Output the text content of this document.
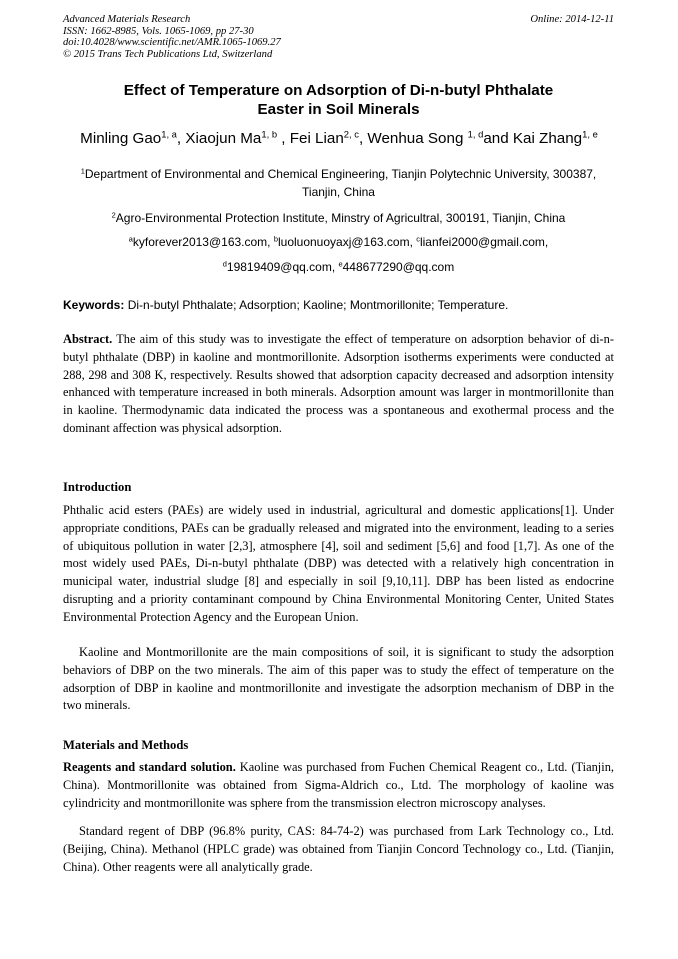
Advanced Materials Research
ISSN: 1662-8985, Vols. 1065-1069, pp 27-30
doi:10.4028/www.scientific.net/AMR.1065-1069.27
© 2015 Trans Tech Publications Ltd, Switzerland
Online: 2014-12-11
Effect of Temperature on Adsorption of Di-n-butyl Phthalate
Easter in Soil Minerals
Minling Gao$^{1, a}$, Xiaojun Ma$^{1, b}$ , Fei Lian$^{2, c}$, Wenhua Song $^{1, d}$and Kai Zhang$^{1, e}$
$^1$Department of Environmental and Chemical Engineering, Tianjin Polytechnic University, 300387,
Tianjin, China
$^2$Agro-Environmental Protection Institute, Minstry of Agricultral, 300191, Tianjin, China
$^a$kyforever2013@163.com, $^b$luoluonuoyaxj@163.com, $^c$lianfei2000@gmail.com,
$^d$19819409@qq.com, $^e$448677290@qq.com
Keywords: Di-n-butyl Phthalate; Adsorption; Kaoline; Montmorillonite; Temperature.

Abstract. The aim of this study was to investigate the effect of temperature on adsorption behavior of di-n-butyl phthalate (DBP) in kaoline and montmorillonite. Adsorption isotherms experiments were conducted at 288, 298 and 308 K, respectively. Results showed that adsorption capacity decreased and adsorption intensity enhanced with temperature increased in both minerals. Adsorption amount was larger in montmorillonite than in kaoline. Thermodynamic data indicated the process was a spontaneous and exothermal process and the dominant affection was physical adsorption.

Introduction

Phthalic acid esters (PAEs) are widely used in industrial, agricultural and domestic applications[1]. Under appropriate conditions, PAEs can be gradually released and migrated into the environment, leading to a series of ubiquitous pollution in water [2,3], atmosphere [4], soil and sediment [5,6] and food [1,7]. As one of the most widely used PAEs, Di-n-butyl phthalate (DBP) was detected with a relatively high concentration in municipal water, industrial sludge [8] and especially in soil [9,10,11]. DBP has been listed as endocrine disrupting and a priority contaminant compound by China Environmental Monitoring Center, United States Environmental Protection Agency and the European Union.

Kaoline and Montmorillonite are the main compositions of soil, it is significant to study the adsorption behaviors of DBP on the two minerals. The aim of this paper was to study the effect of temperature on the adsorption of DBP in kaoline and montmorillonite and investigate the adsorption mechanism of DBP in the two minerals.

Materials and Methods

Reagents and standard solution. Kaoline was purchased from Fuchen Chemical Reagent co., Ltd. (Tianjin, China). Montmorillonite was obtained from Sigma-Aldrich co., Ltd. The morphology of kaoline was cylindricity and montmorillonite was sphere from the transmission electron microscopy analyses.

Standard regent of DBP (96.8% purity, CAS: 84-74-2) was purchased from Lark Technology co., Ltd. (Beijing, China). Methanol (HPLC grade) was obtained from Tianjin Concord Technology co., Ltd. (Tianjin, China). Other reagents were all analytically grade.
